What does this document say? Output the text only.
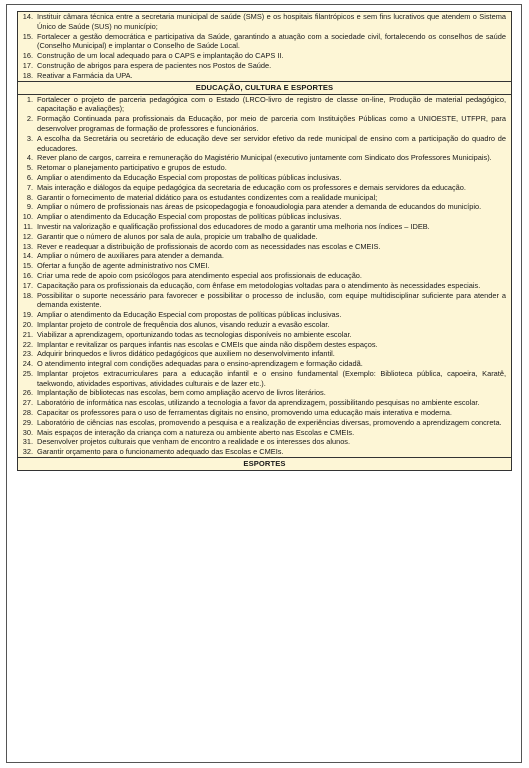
14. Instituir câmara técnica entre a secretaria municipal de saúde (SMS) e os hospitais filantrópicos e sem fins lucrativos que atendem o Sistema Único de Saúde (SUS) no município;
15. Fortalecer a gestão democrática e participativa da Saúde, garantindo a atuação com a sociedade civil, fortalecendo os conselhos de saúde (Conselho Municipal) e implantar o Conselho de Saúde Local.
16. Construção de um local adequado para o CAPS e implantação do CAPS II.
17. Construção de abrigos para espera de pacientes nos Postos de Saúde.
18. Reativar a Farmácia da UPA.

EDUCAÇÃO, CULTURA E ESPORTES

1. Fortalecer o projeto de parceria pedagógica com o Estado (LRCO-livro de registro de classe on-line, Produção de material pedagógico, capacitação e avaliações);
2. Formação Continuada para profissionais da Educação, por meio de parceria com Instituições Públicas como a UNIOESTE, UTFPR, para desenvolver programas de formação de professores e funcionários.
3. A escolha da Secretária ou secretário de educação deve ser servidor efetivo da rede municipal de ensino com a participação do quadro de educadores.
4. Rever plano de cargos, carreira e remuneração do Magistério Municipal (executivo juntamente com Sindicato dos Professores Municipais).
5. Retomar o planejamento participativo e grupos de estudo.
6. Ampliar o atendimento da Educação Especial com propostas de políticas públicas inclusivas.
7. Mais interação e diálogos da equipe pedagógica da secretaria de educação com os professores e demais servidores da educação.
8. Garantir o fornecimento de material didático para os estudantes condizentes com a realidade municipal;
9. Ampliar o número de profissionais nas áreas de psicopedagogia e fonoaudiologia para atender a demanda de educandos do município.
10. Ampliar o atendimento da Educação Especial com propostas de políticas públicas inclusivas.
11. Investir na valorização e qualificação profissional dos educadores de modo a garantir uma melhoria nos índices – IDEB.
12. Garantir que o número de alunos por sala de aula, propicie um trabalho de qualidade.
13. Rever e readequar a distribuição de profissionais de acordo com as necessidades nas escolas e CMEIS.
14. Ampliar o número de auxiliares para atender a demanda.
15. Ofertar a função de agente administrativo nos CMEI.
16. Criar uma rede de apoio com psicólogos para atendimento especial aos profissionais de educação.
17. Capacitação para os profissionais da educação, com ênfase em metodologias voltadas para o atendimento às necessidades especiais.
18. Possibilitar o suporte necessário para favorecer e possibilitar o processo de inclusão, com equipe multidisciplinar suficiente para atender a demanda existente.
19. Ampliar o atendimento da Educação Especial com propostas de políticas públicas inclusivas.
20. Implantar projeto de controle de frequência dos alunos, visando reduzir a evasão escolar.
21. Viabilizar a aprendizagem, oportunizando todas as tecnologias disponíveis no ambiente escolar.
22. Implantar e revitalizar os parques infantis nas escolas e CMEIs que ainda não dispõem destes espaços.
23. Adquirir brinquedos e livros didático pedagógicos que auxiliem no desenvolvimento infantil.
24. O atendimento integral com condições adequadas para o ensino-aprendizagem e formação cidadã.
25. Implantar projetos extracurriculares para a educação infantil e o ensino fundamental (Exemplo: Biblioteca pública, capoeira, Karatê, taekwondo, atividades esportivas, atividades culturais e de lazer etc.).
26. Implantação de bibliotecas nas escolas, bem como ampliação acervo de livros literários.
27. Laboratório de informática nas escolas, utilizando a tecnologia a favor da aprendizagem, possibilitando pesquisas no ambiente escolar.
28. Capacitar os professores para o uso de ferramentas digitais no ensino, promovendo uma educação mais interativa e moderna.
29. Laboratório de ciências nas escolas, promovendo a pesquisa e a realização de experiências diversas, promovendo a aprendizagem concreta.
30. Mais espaços de interação da criança com a natureza ou ambiente aberto nas Escolas e CMEIs.
31. Desenvolver projetos culturais que venham de encontro a realidade e os interesses dos alunos.
32. Garantir orçamento para o funcionamento adequado das Escolas e CMEIs.

ESPORTES
